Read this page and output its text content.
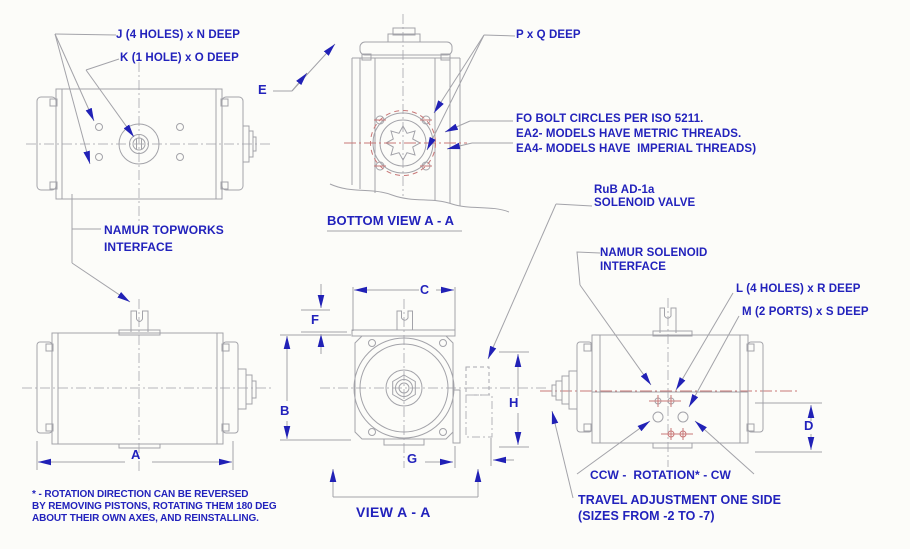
J (4 HOLES) x N DEEP
K (1 HOLE) x O DEEP
E
P x Q DEEP
FO BOLT CIRCLES PER ISO 5211.
EA2- MODELS HAVE METRIC THREADS.
EA4- MODELS HAVE  IMPERIAL THREADS)
BOTTOM VIEW A - A
RuB AD-1a
SOLENOID VALVE
NAMUR TOPWORKS
INTERFACE	NAMUR SOLENOID
INTERFACE
L (4 HOLES) x R DEEP
M (2 PORTS) x S DEEP
A
B
C
D
F
G
H
VIEW A - A
CCW -  ROTATION* - CW
TRAVEL ADJUSTMENT ONE SIDE
(SIZES FROM -2 TO -7)
* - ROTATION DIRECTION CAN BE REVERSED
BY REMOVING PISTONS, ROTATING THEM 180 DEG
ABOUT THEIR OWN AXES, AND REINSTALLING.
